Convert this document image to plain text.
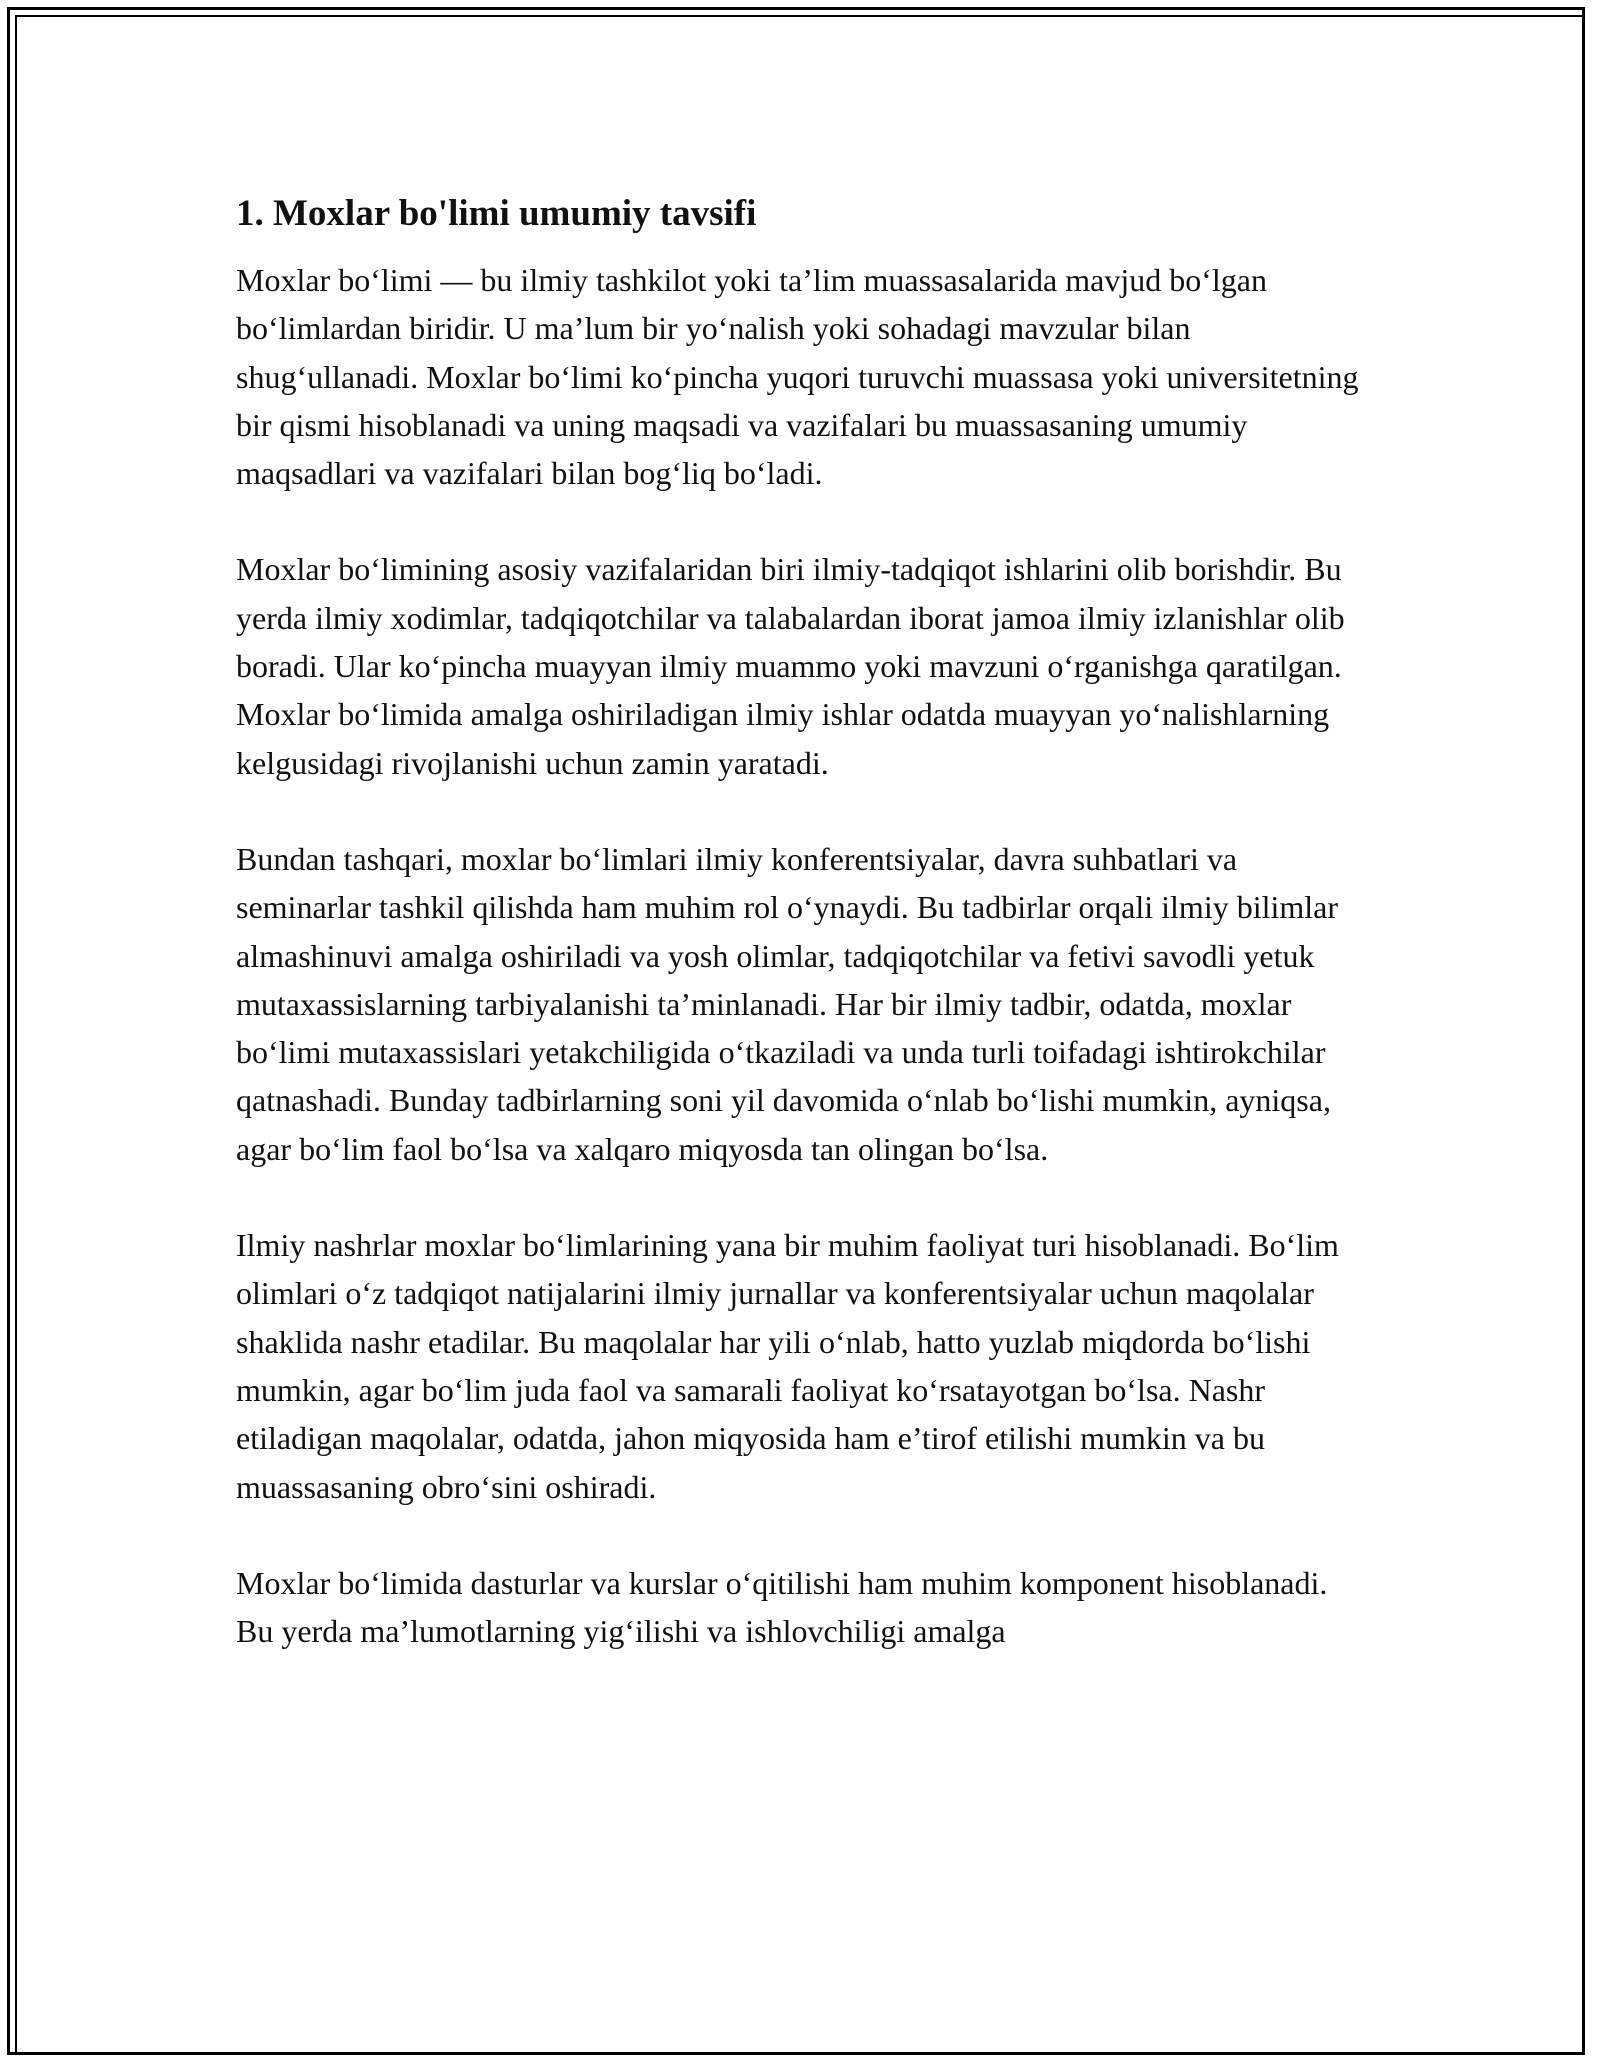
1. Moxlar bo'limi umumiy tavsifi

Moxlar bo‘limi — bu ilmiy tashkilot yoki ta’lim muassasalarida mavjud bo‘lgan bo‘limlardan biridir. U ma’lum bir yo‘nalish yoki sohadagi mavzular bilan shug‘ullanadi. Moxlar bo‘limi ko‘pincha yuqori turuvchi muassasa yoki universitetning bir qismi hisoblanadi va uning maqsadi va vazifalari bu muassasaning umumiy maqsadlari va vazifalari bilan bog‘liq bo‘ladi.

Moxlar bo‘limining asosiy vazifalaridan biri ilmiy-tadqiqot ishlarini olib borishdir. Bu yerda ilmiy xodimlar, tadqiqotchilar va talabalardan iborat jamoa ilmiy izlanishlar olib boradi. Ular ko‘pincha muayyan ilmiy muammo yoki mavzuni o‘rganishga qaratilgan. Moxlar bo‘limida amalga oshiriladigan ilmiy ishlar odatda muayyan yo‘nalishlarning kelgusidagi rivojlanishi uchun zamin yaratadi.

Bundan tashqari, moxlar bo‘limlari ilmiy konferentsiyalar, davra suhbatlari va seminarlar tashkil qilishda ham muhim rol o‘ynaydi. Bu tadbirlar orqali ilmiy bilimlar almashinuvi amalga oshiriladi va yosh olimlar, tadqiqotchilar va fetivi savodli yetuk mutaxassislarning tarbiyalanishi ta’minlanadi. Har bir ilmiy tadbir, odatda, moxlar bo‘limi mutaxassislari yetakchiligida o‘tkaziladi va unda turli toifadagi ishtirokchilar qatnashadi. Bunday tadbirlarning soni yil davomida o‘nlab bo‘lishi mumkin, ayniqsa, agar bo‘lim faol bo‘lsa va xalqaro miqyosda tan olingan bo‘lsa.

Ilmiy nashrlar moxlar bo‘limlarining yana bir muhim faoliyat turi hisoblanadi. Bo‘lim olimlari o‘z tadqiqot natijalarini ilmiy jurnallar va konferentsiyalar uchun maqolalar shaklida nashr etadilar. Bu maqolalar har yili o‘nlab, hatto yuzlab miqdorda bo‘lishi mumkin, agar bo‘lim juda faol va samarali faoliyat ko‘rsatayotgan bo‘lsa. Nashr etiladigan maqolalar, odatda, jahon miqyosida ham e’tirof etilishi mumkin va bu muassasaning obro‘sini oshiradi.

Moxlar bo‘limida dasturlar va kurslar o‘qitilishi ham muhim komponent hisoblanadi. Bu yerda ma’lumotlarning yig‘ilishi va ishlovchiligi amalga
